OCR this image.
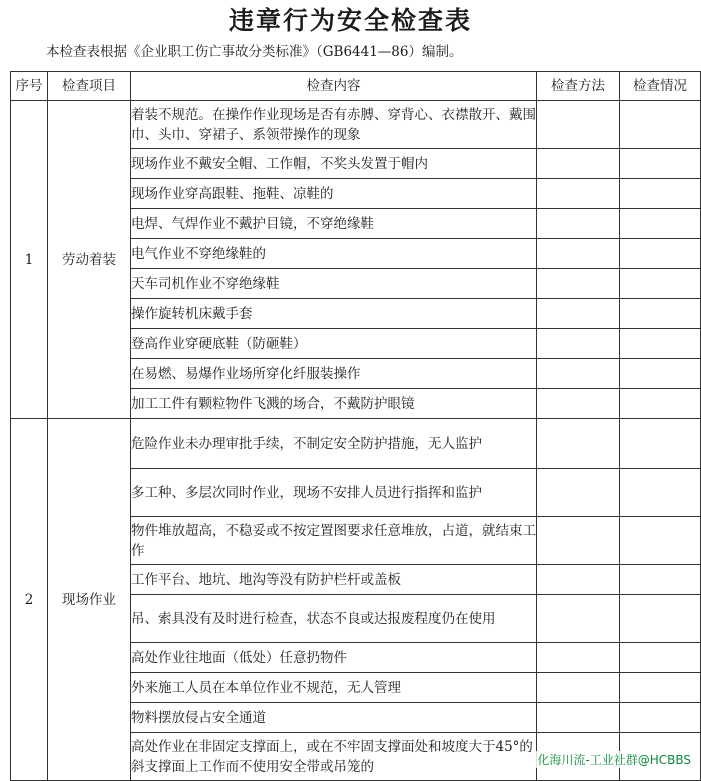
违章行为安全检查表
本检查表根据《企业职工伤亡事故分类标准》（GB6441—86）编制。
序号	检查项目	检查内容	检查方法	检查情况
1	劳动着装	着装不规范。在操作作业现场是否有赤膊、穿背心、衣襟散开、戴围巾、头巾、穿裙子、系领带操作的现象		
		现场作业不戴安全帽、工作帽，不奖头发置于帽内		
		现场作业穿高跟鞋、拖鞋、凉鞋的		
		电焊、气焊作业不戴护目镜，不穿绝缘鞋		
		电气作业不穿绝缘鞋的		
		天车司机作业不穿绝缘鞋		
		操作旋转机床戴手套		
		登高作业穿硬底鞋（防砸鞋）		
		在易燃、易爆作业场所穿化纤服装操作		
		加工工件有颗粒物件飞溅的场合，不戴防护眼镜		
2	现场作业	危险作业未办理审批手续，不制定安全防护措施，无人监护		
		多工种、多层次同时作业，现场不安排人员进行指挥和监护		
		物件堆放超高，不稳妥或不按定置图要求任意堆放，占道，就结束工作		
		工作平台、地坑、地沟等没有防护栏杆或盖板		
		吊、索具没有及时进行检查，状态不良或达报废程度仍在使用		
		高处作业往地面（低处）任意扔物件		
		外来施工人员在本单位作业不规范，无人管理		
		物料摆放侵占安全通道		
		高处作业在非固定支撑面上，或在不牢固支撑面处和坡度大于45°的斜支撑面上工作而不使用安全带或吊笼的			化海川流-工业社群@HCBBS
